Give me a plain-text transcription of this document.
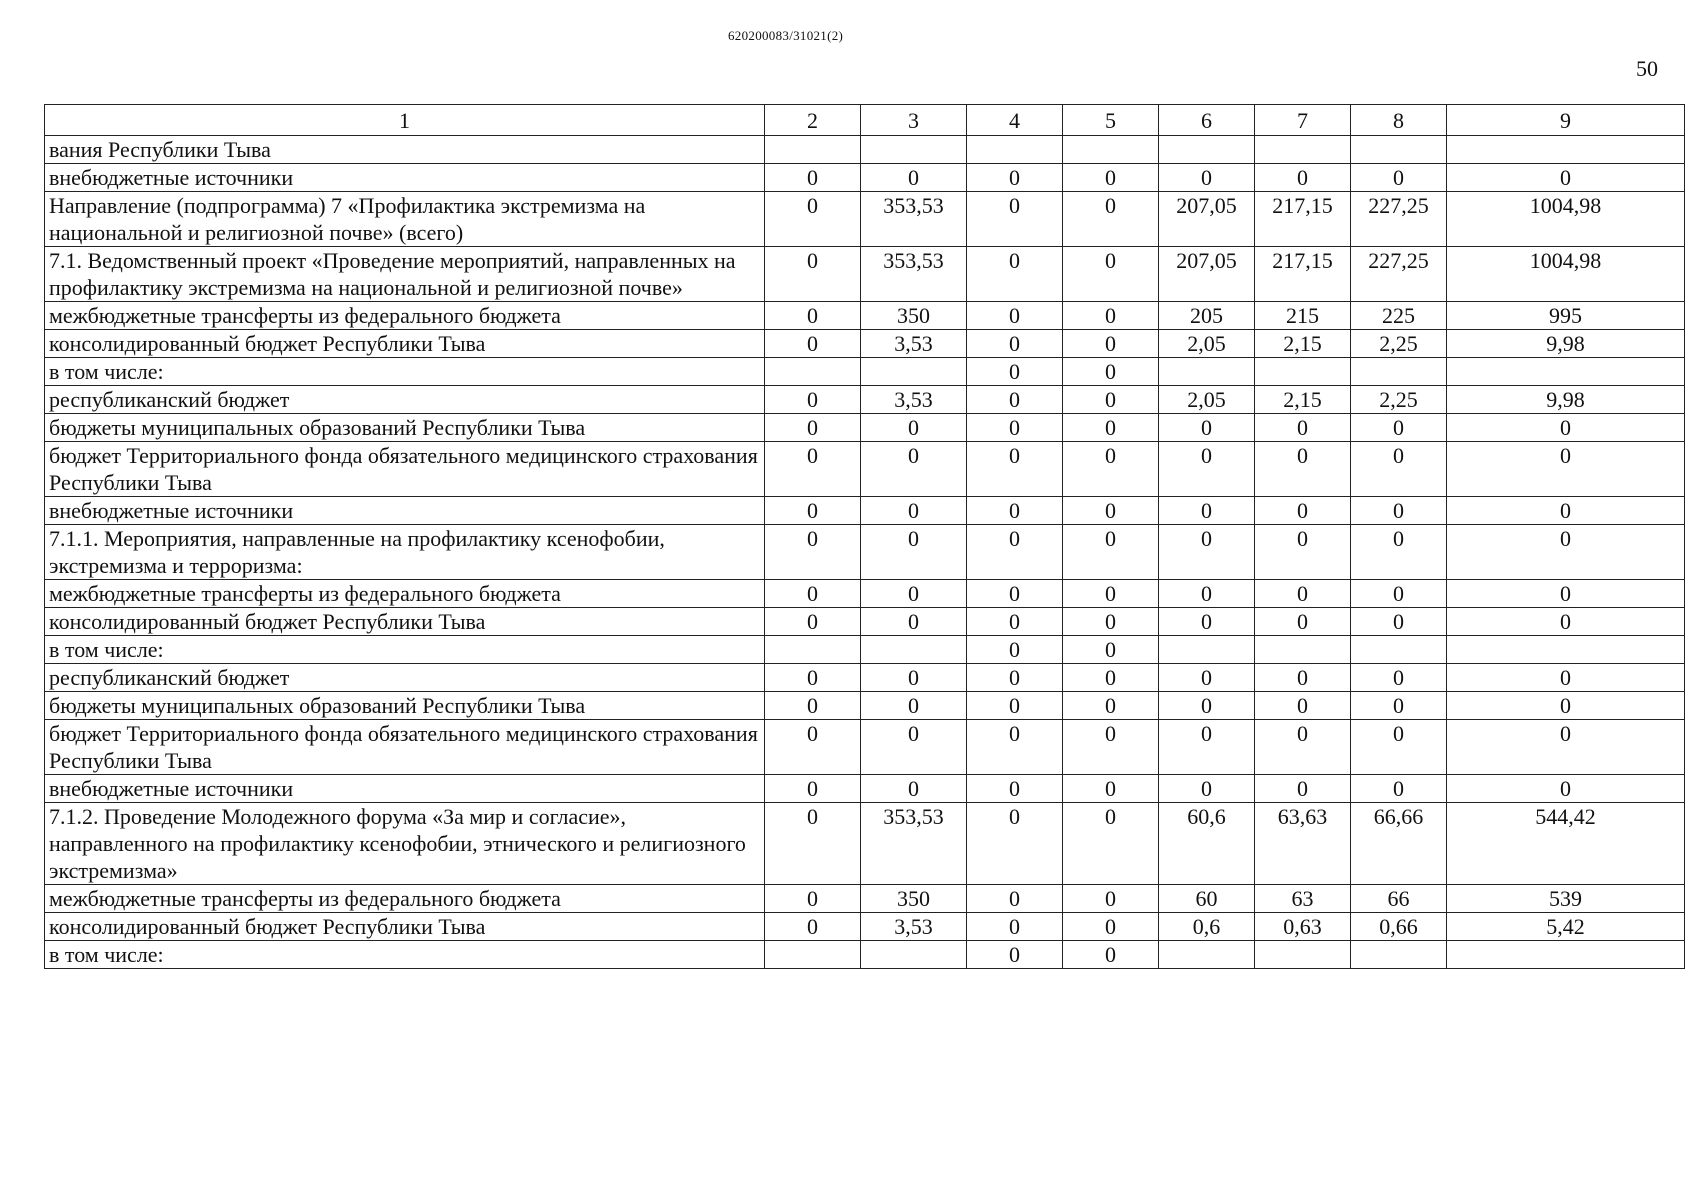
620200083/31021(2)
50
1	2	3	4	5	6	7	8	9
вания Республики Тыва								
внебюджетные источники	0	0	0	0	0	0	0	0
Направление (подпрограмма) 7 «Профилактика экстремизма на национальной и религиозной почве» (всего)	0	353,53	0	0	207,05	217,15	227,25	1004,98
7.1. Ведомственный проект «Проведение мероприятий, направленных на профилактику экстремизма на национальной и религиозной почве»	0	353,53	0	0	207,05	217,15	227,25	1004,98
межбюджетные трансферты из федерального бюджета	0	350	0	0	205	215	225	995
консолидированный бюджет Республики Тыва	0	3,53	0	0	2,05	2,15	2,25	9,98
в том числе:			0	0				
республиканский бюджет	0	3,53	0	0	2,05	2,15	2,25	9,98
бюджеты муниципальных образований Республики Тыва	0	0	0	0	0	0	0	0
бюджет Территориального фонда обязательного медицинского страхования Республики Тыва	0	0	0	0	0	0	0	0
внебюджетные источники	0	0	0	0	0	0	0	0
7.1.1. Мероприятия, направленные на профилактику ксенофобии, экстремизма и терроризма:	0	0	0	0	0	0	0	0
межбюджетные трансферты из федерального бюджета	0	0	0	0	0	0	0	0
консолидированный бюджет Республики Тыва	0	0	0	0	0	0	0	0
в том числе:			0	0				
республиканский бюджет	0	0	0	0	0	0	0	0
бюджеты муниципальных образований Республики Тыва	0	0	0	0	0	0	0	0
бюджет Территориального фонда обязательного медицинского страхования Республики Тыва	0	0	0	0	0	0	0	0
внебюджетные источники	0	0	0	0	0	0	0	0
7.1.2. Проведение Молодежного форума «За мир и согласие», направленного на профилактику ксенофобии, этнического и религиозного экстремизма»	0	353,53	0	0	60,6	63,63	66,66	544,42
межбюджетные трансферты из федерального бюджета	0	350	0	0	60	63	66	539
консолидированный бюджет Республики Тыва	0	3,53	0	0	0,6	0,63	0,66	5,42
в том числе:			0	0				
